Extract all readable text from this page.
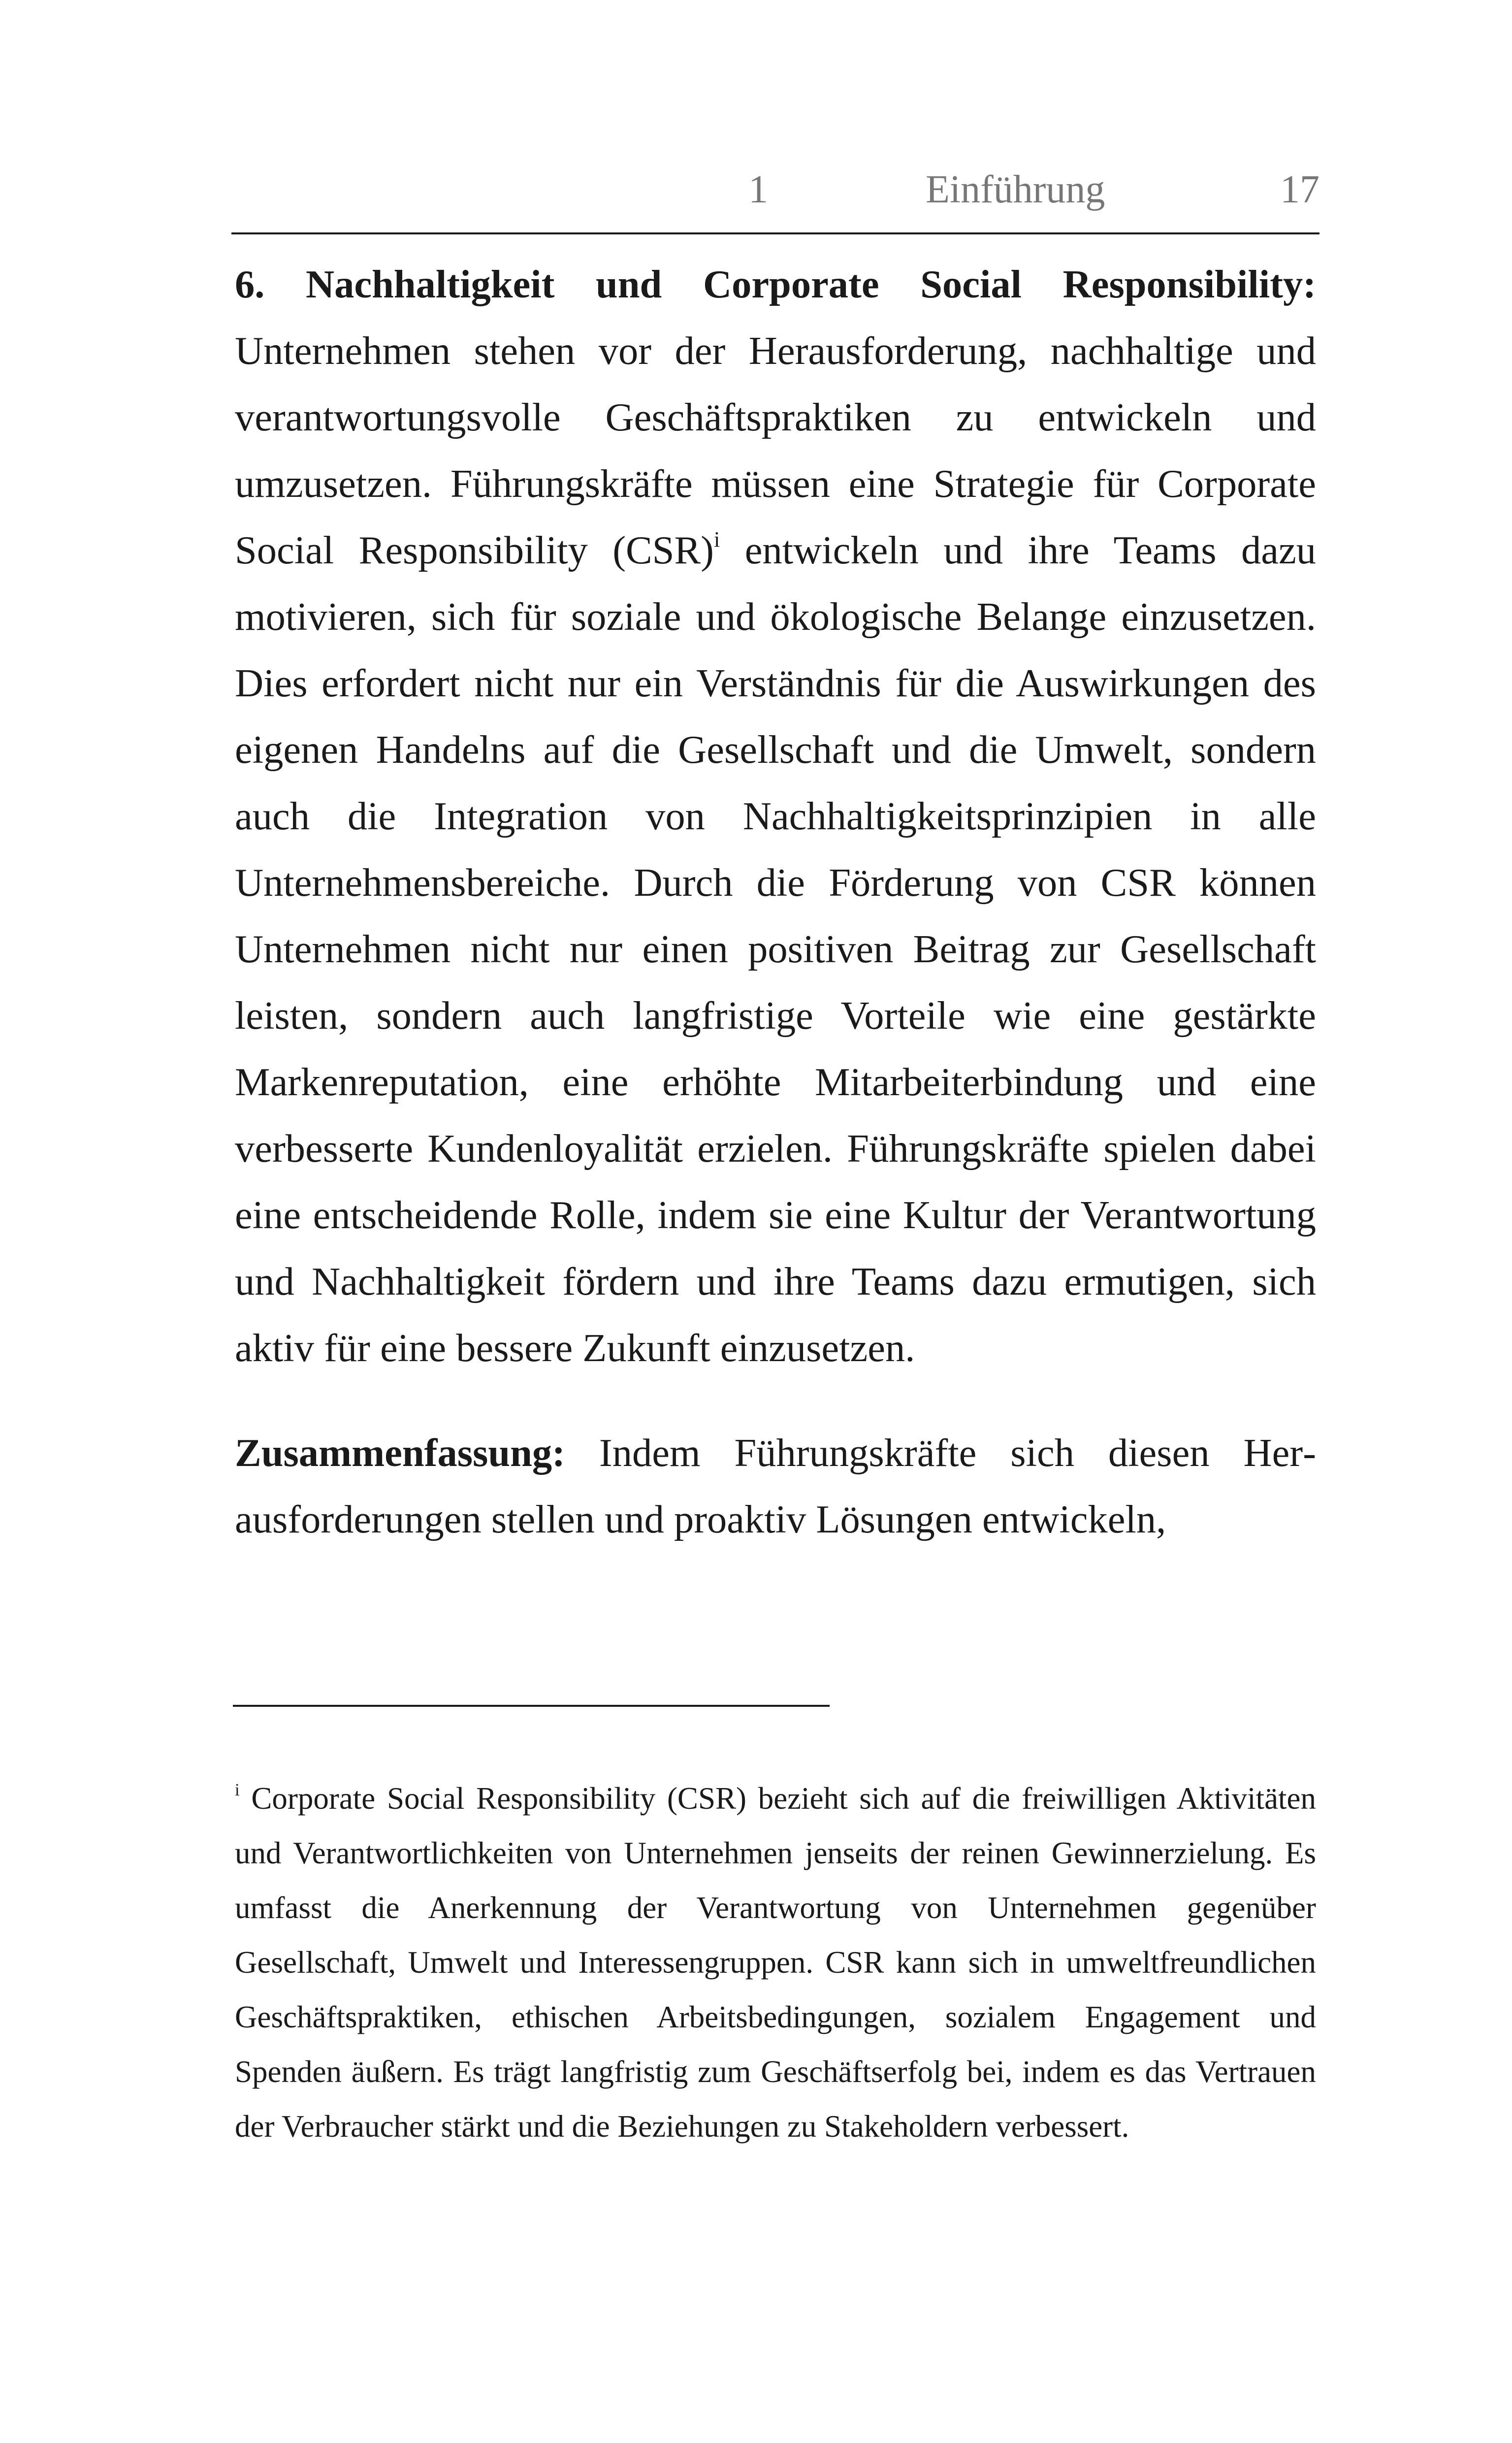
1	Einführung	17

6. Nachhaltigkeit und Corporate Social Responsibility: Unternehmen stehen vor der Herausforderung, nachhaltige und verantwortungsvolle Geschäftspraktiken zu entwickeln und umzusetzen. Führungskräfte müssen eine Strategie für Corporate Social Responsibility (CSR)$^i$ entwickeln und ihre Teams dazu motivieren, sich für soziale und ökologische Belange einzusetzen. Dies erfordert nicht nur ein Verständnis für die Auswirkungen des eigenen Handelns auf die Gesellschaft und die Umwelt, sondern auch die Integration von Nachhaltigkeitsprinzipien in alle Unternehmensbereiche. Durch die Förderung von CSR können Unternehmen nicht nur einen positiven Beitrag zur Gesellschaft leisten, sondern auch langfristige Vorteile wie eine gestärkte Markenreputation, eine erhöhte Mitarbeiterbindung und eine verbesserte Kundenloyalität erzielen. Führungskräfte spielen dabei eine entscheidende Rolle, indem sie eine Kultur der Verantwortung und Nachhaltigkeit fördern und ihre Teams dazu ermutigen, sich aktiv für eine bessere Zukunft einzusetzen.

Zusammenfassung: Indem Führungskräfte sich diesen Herausforderungen stellen und proaktiv Lösungen entwickeln,

$^i$ Corporate Social Responsibility (CSR) bezieht sich auf die freiwilligen Aktivitäten und Verantwortlichkeiten von Unternehmen jenseits der reinen Gewinnerzielung. Es umfasst die Anerkennung der Verantwortung von Unternehmen gegenüber Gesellschaft, Umwelt und Interessengruppen. CSR kann sich in umweltfreundlichen Geschäftspraktiken, ethischen Arbeitsbedingungen, sozialem Engagement und Spenden äußern. Es trägt langfristig zum Geschäftserfolg bei, indem es das Vertrauen der Verbraucher stärkt und die Beziehungen zu Stakeholdern verbessert.
